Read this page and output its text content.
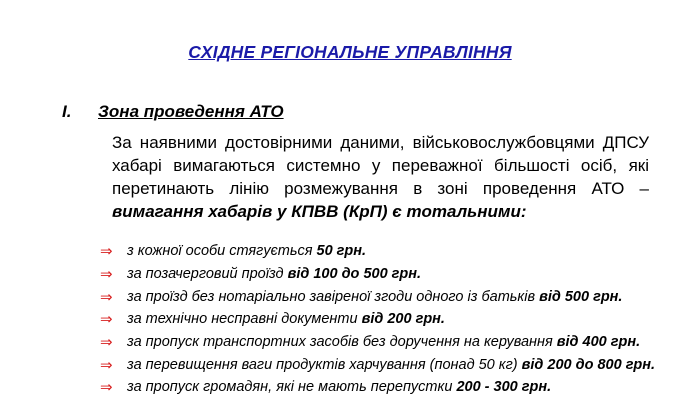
СХІДНЕ РЕГІОНАЛЬНЕ УПРАВЛІННЯ
I. Зона проведення АТО
За наявними достовірними даними, військовослужбовцями ДПСУ хабарі вимагаються системно у переважної більшості осіб, які перетинають лінію розмежування в зоні проведення АТО – вимагання хабарів у КПВВ (КрП) є тотальними:
⇒ з кожної особи стягується
50 грн.
⇒ за позачерговий проїзд
від 100 до 500 грн.
⇒ за проїзд без нотаріально завіреної згоди одного із батьків
від 500 грн.
⇒ за технічно несправні документи
від 200 грн.
⇒ за пропуск транспортних засобів без доручення на керування
від 400 грн.
⇒ за перевищення ваги продуктів харчування (понад 50 кг)
від 200 до 800 грн.
⇒ за пропуск громадян, які не мають перепустки
200 - 300 грн.
